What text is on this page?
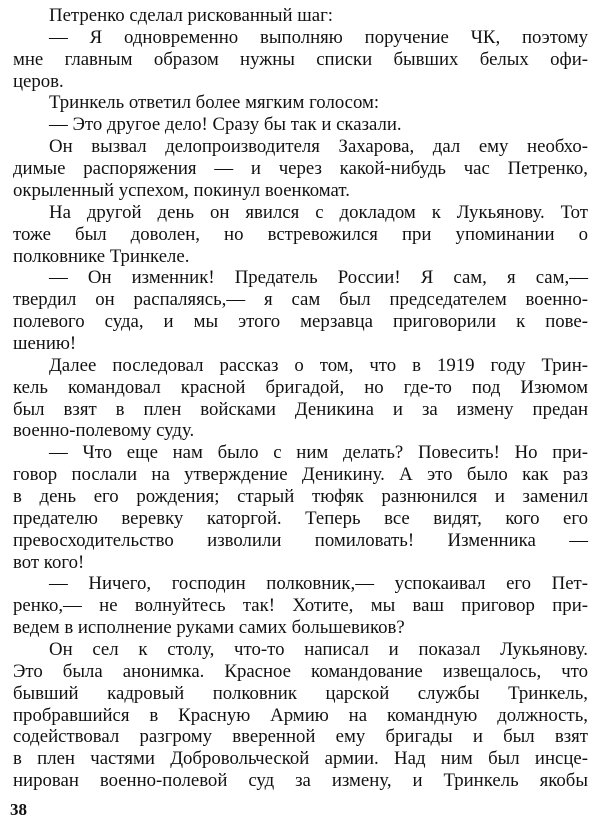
Петренко сделал рискованный шаг:
— Я одновременно выполняю поручение ЧК, поэтому
мне главным образом нужны списки бывших белых офи-
церов.
Тринкель ответил более мягким голосом:
— Это другое дело! Сразу бы так и сказали.
Он вызвал делопроизводителя Захарова, дал ему необхо-
димые распоряжения — и через какой-нибудь час Петренко,
окрыленный успехом, покинул военкомат.
На другой день он явился с докладом к Лукьянову. Тот
тоже был доволен, но встревожился при упоминании о
полковнике Тринкеле.
— Он изменник! Предатель России! Я сам, я сам,—
твердил он распаляясь,— я сам был председателем военно-
полевого суда, и мы этого мерзавца приговорили к пове-
шению!
Далее последовал рассказ о том, что в 1919 году Трин-
кель командовал красной бригадой, но где-то под Изюмом
был взят в плен войсками Деникина и за измену предан
военно-полевому суду.
— Что еще нам было с ним делать? Повесить! Но при-
говор послали на утверждение Деникину. А это было как раз
в день его рождения; старый тюфяк разнюнился и заменил
предателю веревку каторгой. Теперь все видят, кого его
превосходительство изволили помиловать! Изменника —
вот кого!
— Ничего, господин полковник,— успокаивал его Пет-
ренко,— не волнуйтесь так! Хотите, мы ваш приговор при-
ведем в исполнение руками самих большевиков?
Он сел к столу, что-то написал и показал Лукьянову.
Это была анонимка. Красное командование извещалось, что
бывший кадровый полковник царской службы Тринкель,
пробравшийся в Красную Армию на командную должность,
содействовал разгрому вверенной ему бригады и был взят
в плен частями Добровольческой армии. Над ним был инсце-
нирован военно-полевой суд за измену, и Тринкель якобы
38
